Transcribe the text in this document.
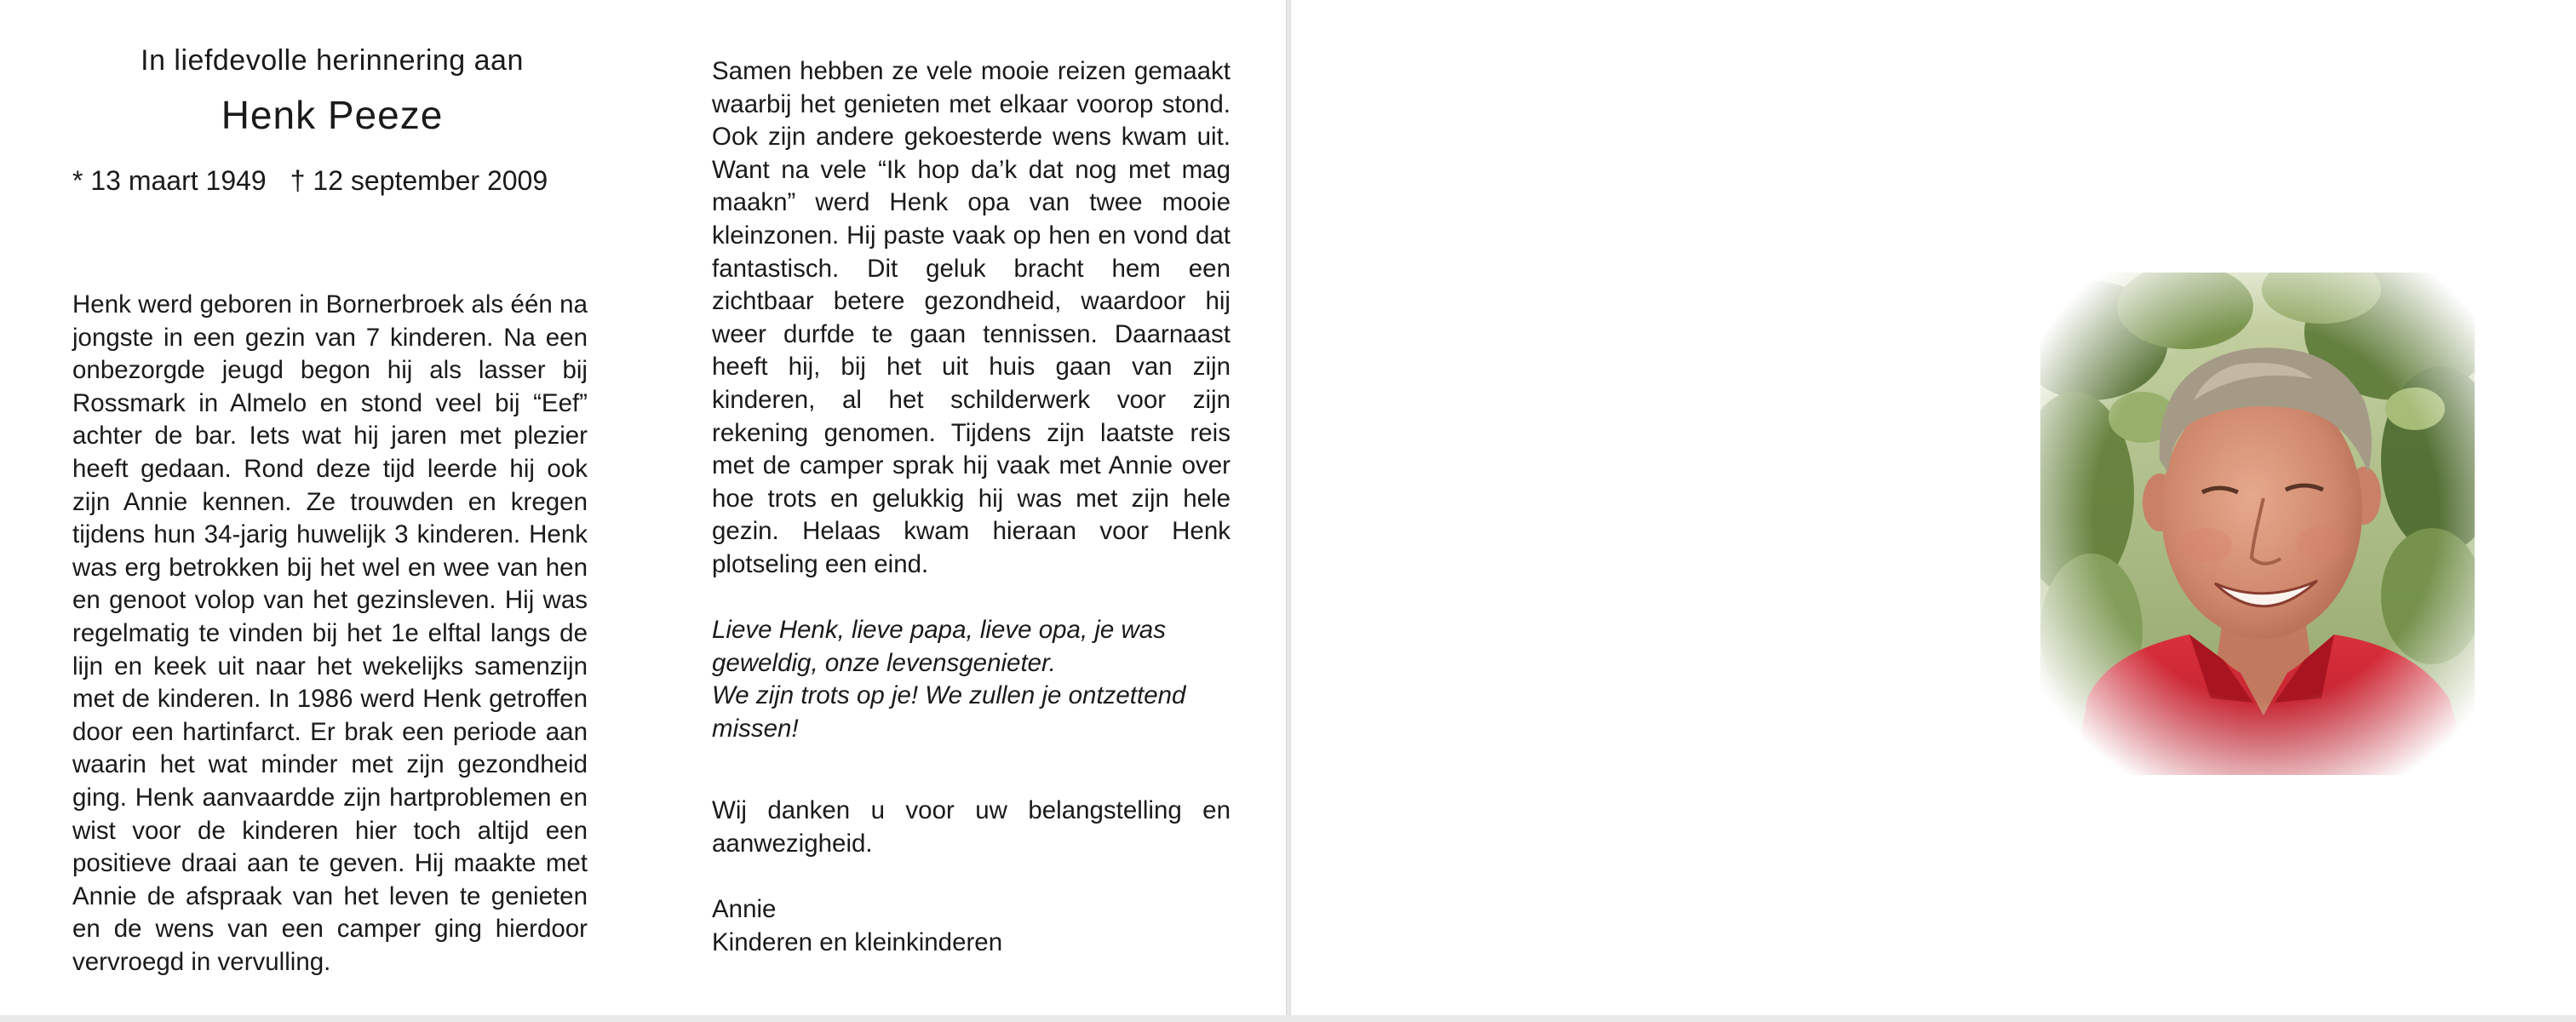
In liefdevolle herinnering aan
Henk Peeze
* 13 maart 1949 † 12 september 2009

Henk werd geboren in Bornerbroek als één na jongste in een gezin van 7 kinderen. Na een onbezorgde jeugd begon hij als lasser bij Rossmark in Almelo en stond veel bij “Eef” achter de bar. Iets wat hij jaren met plezier heeft gedaan. Rond deze tijd leerde hij ook zijn Annie kennen. Ze trouwden en kregen tijdens hun 34-jarig huwelijk 3 kinderen. Henk was erg betrokken bij het wel en wee van hen en genoot volop van het gezinsleven. Hij was regelmatig te vinden bij het 1e elftal langs de lijn en keek uit naar het wekelijks samenzijn met de kinderen. In 1986 werd Henk getroffen door een hartinfarct. Er brak een periode aan waarin het wat minder met zijn gezondheid ging. Henk aanvaardde zijn hartproblemen en wist voor de kinderen hier toch altijd een positieve draai aan te geven. Hij maakte met Annie de afspraak van het leven te genieten en de wens van een camper ging hierdoor vervroegd in vervulling.

Samen hebben ze vele mooie reizen gemaakt waarbij het genieten met elkaar voorop stond. Ook zijn andere gekoesterde wens kwam uit. Want na vele “Ik hop da’k dat nog met mag maakn” werd Henk opa van twee mooie kleinzonen. Hij paste vaak op hen en vond dat fantastisch. Dit geluk bracht hem een zichtbaar betere gezondheid, waardoor hij weer durfde te gaan tennissen. Daarnaast heeft hij, bij het uit huis gaan van zijn kinderen, al het schilderwerk voor zijn rekening genomen. Tijdens zijn laatste reis met de camper sprak hij vaak met Annie over hoe trots en gelukkig hij was met zijn hele gezin. Helaas kwam hieraan voor Henk plotseling een eind.

Lieve Henk, lieve papa, lieve opa, je was geweldig, onze levensgenieter.

We zijn trots op je! We zullen je ontzettend missen!

Wij danken u voor uw belangstelling en aanwezigheid.

Annie

Kinderen en kleinkinderen
